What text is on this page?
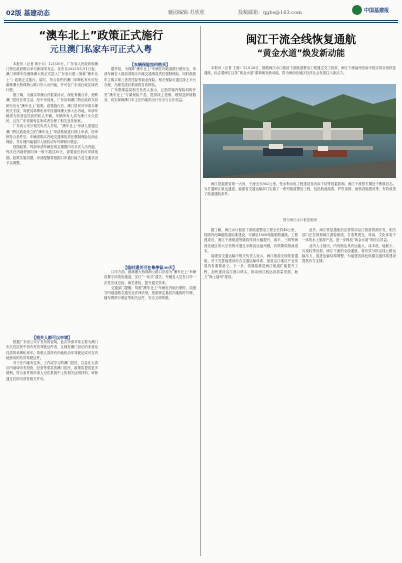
02版 基建动态	魅园编辑·苏欣欣	投稿邮箱：qgbs@163.com	中国基建报
“澳车北上”政策正式施行
元旦澳门私家车可正式入粤

本报讯（记者 林小月）12月30日，广东省人民政府和澳门特区政府联合举行新闻发布会，宣布自2023年1月1日起，澳门单牌车经港珠澳大桥正式进入广东省行驶（简称“澳车北上”）政策正式施行。届时，符合条件的澳门单牌私家车可经港珠澳大桥珠海公路口岸入出内地，并可在广东省行政区域内行驶。

据了解，为落实粤澳合作框架协议，深化粤澳合作，便利澳门居民在粤生活，经中央同意，广东省和澳门特区政府共同研究出台“澳车北上”政策。政策施行后，澳门居民可申请办理相关手续，驾驶其单牌私家车经港珠澳大桥入出内地，申请车辆须为非营运性质的私人车辆，车辆所有人须为澳门永久居民，且在广东省拥有住所或者办理了相关业务备案。

广东省公安厅相关负责人介绍，“澳车北上”申请人需通过澳门特区政府设立的“澳车北上”申请系统进行网上申请，经审核符合条件后，车辆须购买内地交通事故责任强制保险及商业保险，并办理内地临时入境机动车号牌和行驶证。

按照政策，每部申请车辆在规定期限内可多次入出内地，每次在内地停留时间一般不超过30天，需要延长的可申请延期。政策实施初期，申请配额将根据口岸通行能力及交通状况予以调整。

【相关人群可以申请】

根据广东省公安厅发布的说明，此次申请对象主要为澳门永久性居民中持有有效驾驶证件者，且拥有澳门登记的非营运性质的单牌私家车。驾驶人须持有内地机动车驾驶证或可在内地使用的有效驾驶证件。

对于在内地有住所、工作或学习的澳门居民，以及在大湾区内地城市有投资、经营等需求的澳门居民，政策将提供更多便利。符合条件的申请人可在系统中上传相关证明材料，审核通过后即可获发相关许可。

【车辆保险如何购买】

据介绍，为保障“澳车北上”车辆在内地道路行驶安全，申请车辆在入境前须购买内地交通事故责任强制保险，同时鼓励车主购买第三者责任险等商业保险。相关保险可通过线上平台办理，办理完成后系统将自动核验。

广东银保监局相关负责人表示，已指导辖内保险机构开发“澳车北上”专属保险产品，提供线上投保、理赔及跨境服务，切实保障澳门车主在内地的出行安全与合法权益。

【临时通关可在粤停留30天】

口岸方面，港珠澳大桥珠海公路口岸将为“澳车北上”车辆设置专用查验通道，实行“一站式”通关，车辆及人员在口岸一次性完成边检、海关查验，提升通关效率。

交通部门提醒，驾驶“澳车北上”车辆在内地行驶时，须遵守内地道路交通安全法律法规，按照规定悬挂内地临时号牌，随车携带行驶证等相关证件，安全文明驾驶。

闽江干流全线恢复通航
“黄金水道”焕发新动能

本报讯（记者 王海）12月28日，随着闽江水口枢纽下游航道整治工程通过交工验收，闽江干流福州至南平段实现全线恢复通航，标志着闽江这条“黄金水道”重新焕发新动能，将为闽西北地区经济社会发展注入新活力。

闽江是福建省第一大河，干流全长562公里。受水利水电工程建设及河床下切等因素影响，闽江干流曾长期处于断航状态。为打通闽江航运通道，福建省交通运输部门实施了一系列航道整治工程，包括航道疏浚、护岸加固、助航设施建设等，有效改善了航道通航条件。

图为闽江水口枢纽船闸

据了解，闽江水口枢纽下游航道整治工程全长约48公里，按照内河Ⅲ级航道标准建设，可满足1000吨级船舶通航。工程建成后，闽江干流航道等级将得到大幅提升，南平、三明等闽西北地区的大宗货物可通过水路直达福州港，有效降低物流成本。

福建省交通运输厅相关负责人表示，闽江航道全线恢复通航，对于完善福建省综合交通运输体系、促进沿江地区产业发展具有重要意义。下一步，将继续推进闽江航道扩能提升工程，加快建设沿江港口码头，推动闽江航运高质量发展，助力“海上福州”建设。

此外，闽江恢复通航后还将带动沿江旅游资源开发，相关部门正在规划闽江游轮航线，打造集观光、休闲、文化体验于一体的水上旅游产品，进一步释放“黄金水道”的综合效益。

业内人士指出，内河航运具有运能大、成本低、能耗少、污染轻等优势，闽江干流的全线通航，将有效分担沿线公路运输压力，促进运输结构调整，为福建省绿色低碳交通体系建设提供有力支撑。
